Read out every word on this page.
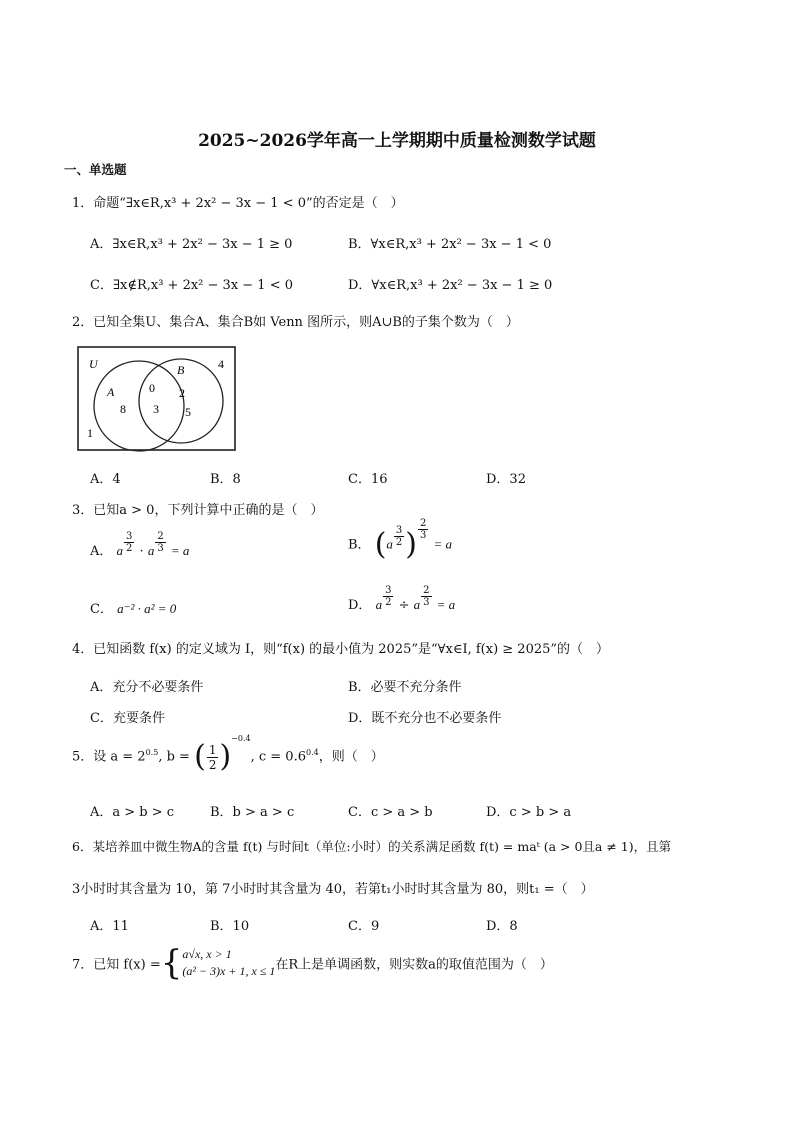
2025~2026学年高一上学期期中质量检测数学试题
一、单选题
1．命题“∃x∈R,x³ + 2x² − 3x − 1 < 0”的否定是（　）
A．∃x∈R,x³ + 2x² − 3x − 1 ≥ 0	B．∀x∈R,x³ + 2x² − 3x − 1 < 0
C．∃x∉R,x³ + 2x² − 3x − 1 < 0	D．∀x∈R,x³ + 2x² − 3x − 1 ≥ 0
2．已知全集U、集合A、集合B如 Venn 图所示，则A∪B的子集个数为（　）
U
A
B	4
0 2
8 3 5
1
A．4	B．8	C．16	D．32
3．已知a > 0，下列计算中正确的是（　）
A． a $\frac{3}{2} \cdot a \frac{2}{3} = a$	B． ($a \frac{3}{2}$ ) $\frac{2}{3}$
= a
C． a⁻² · a² = 0	D． a $\frac{3}{2} \div a \frac{2}{3} = a$
4．已知函数 f(x) 的定义域为 I，则“f(x) 的最小值为 2025”是“∀x∈I, f(x) ≥ 2025”的（　）
A．充分不必要条件	B．必要不充分条件
C．充要条件	D．既不充分也不必要条件
5．设 $a = 2^{0.5}$, b = ( $\frac{1}{2} )^{-0.4}$, $c = 0.6^{0.4}$，则（　）
A．a > b > c	B．b > a > c	C．c > a > b	D．c > b > a
6．某培养皿中微生物A的含量 f(t) 与时间t（单位:小时）的关系满足函数 f(t) = maᵗ (a > 0且a ≠ 1)，且第
3小时时其含量为 10，第 7小时时其含量为 40，若第t₁小时时其含量为 80，则t₁ =（　）
A．11	B．10	C．9	D．8
7．已知 f(x) ={ a√x, x > 1
(a² − 3)x + 1, x ≤ 1 在R上是单调函数，则实数a的取值范围为（　）
